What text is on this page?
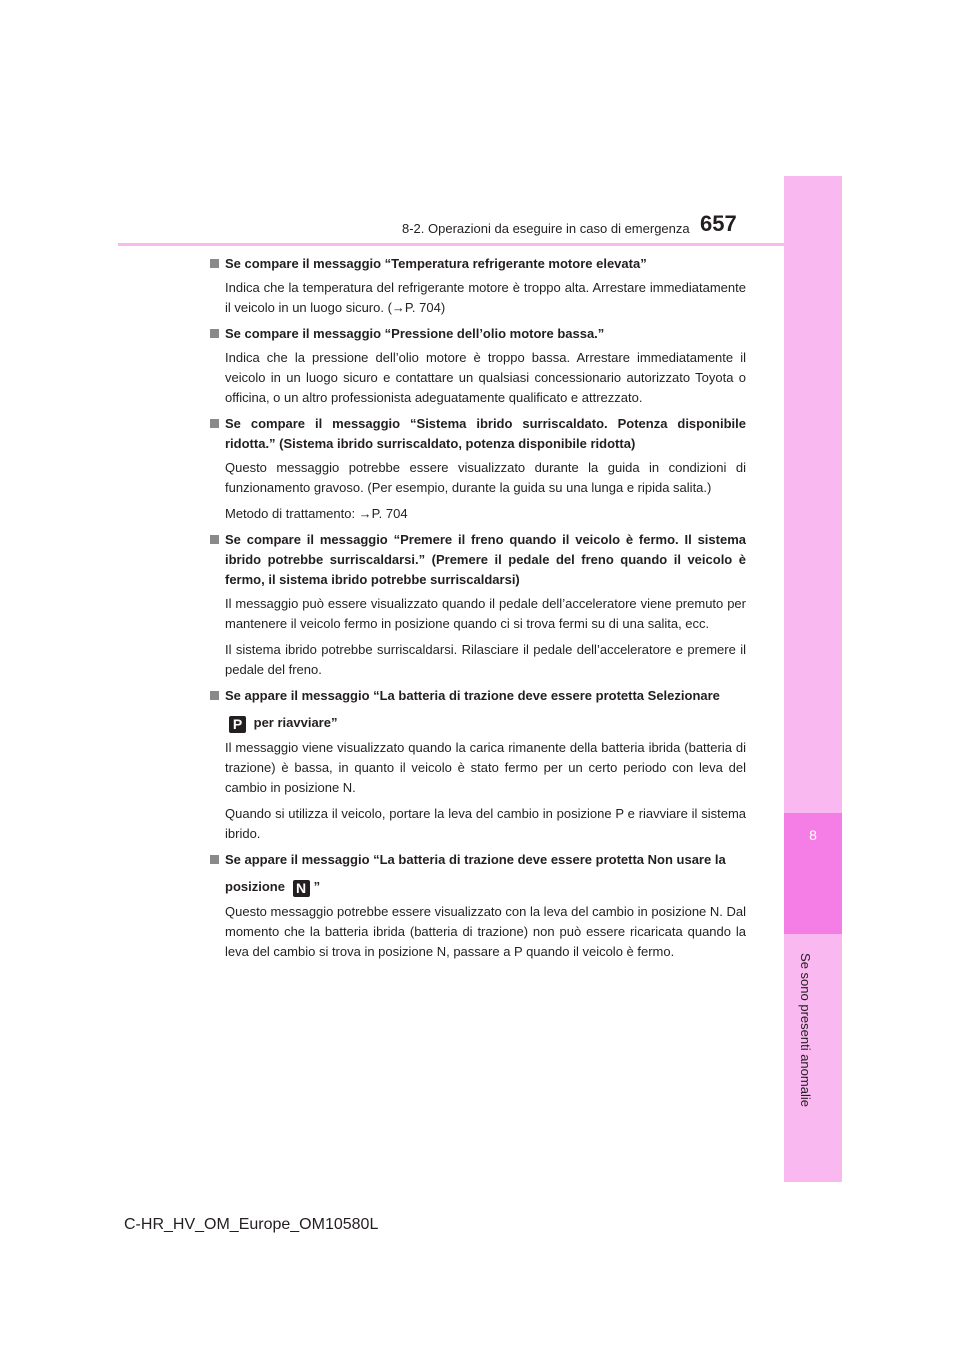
8
Se sono presenti anomalie
8-2. Operazioni da eseguire in caso di emergenza 657
Se compare il messaggio “Temperatura refrigerante motore elevata”
Indica che la temperatura del refrigerante motore è troppo alta. Arrestare immediatamente il veicolo in un luogo sicuro. (→P. 704)
Se compare il messaggio “Pressione dell’olio motore bassa.”
Indica che la pressione dell’olio motore è troppo bassa. Arrestare immediatamente il veicolo in un luogo sicuro e contattare un qualsiasi concessionario autorizzato Toyota o officina, o un altro professionista adeguatamente qualificato e attrezzato.
Se compare il messaggio “Sistema ibrido surriscaldato. Potenza disponibile ridotta.” (Sistema ibrido surriscaldato, potenza disponibile ridotta)
Questo messaggio potrebbe essere visualizzato durante la guida in condizioni di funzionamento gravoso. (Per esempio, durante la guida su una lunga e ripida salita.)
Metodo di trattamento: →P. 704
Se compare il messaggio “Premere il freno quando il veicolo è fermo. Il sistema ibrido potrebbe surriscaldarsi.” (Premere il pedale del freno quando il veicolo è fermo, il sistema ibrido potrebbe surriscaldarsi)
Il messaggio può essere visualizzato quando il pedale dell’acceleratore viene premuto per mantenere il veicolo fermo in posizione quando ci si trova fermi su di una salita, ecc.
Il sistema ibrido potrebbe surriscaldarsi. Rilasciare il pedale dell’acceleratore e premere il pedale del freno.
Se appare il messaggio “La batteria di trazione deve essere protetta Selezionare
P per riavviare”
Il messaggio viene visualizzato quando la carica rimanente della batteria ibrida (batteria di trazione) è bassa, in quanto il veicolo è stato fermo per un certo periodo con leva del cambio in posizione N.
Quando si utilizza il veicolo, portare la leva del cambio in posizione P e riavviare il sistema ibrido.
Se appare il messaggio “La batteria di trazione deve essere protetta Non usare la
posizione N ”
Questo messaggio potrebbe essere visualizzato con la leva del cambio in posizione N. Dal momento che la batteria ibrida (batteria di trazione) non può essere ricaricata quando la leva del cambio si trova in posizione N, passare a P quando il veicolo è fermo.
C-HR_HV_OM_Europe_OM10580L
